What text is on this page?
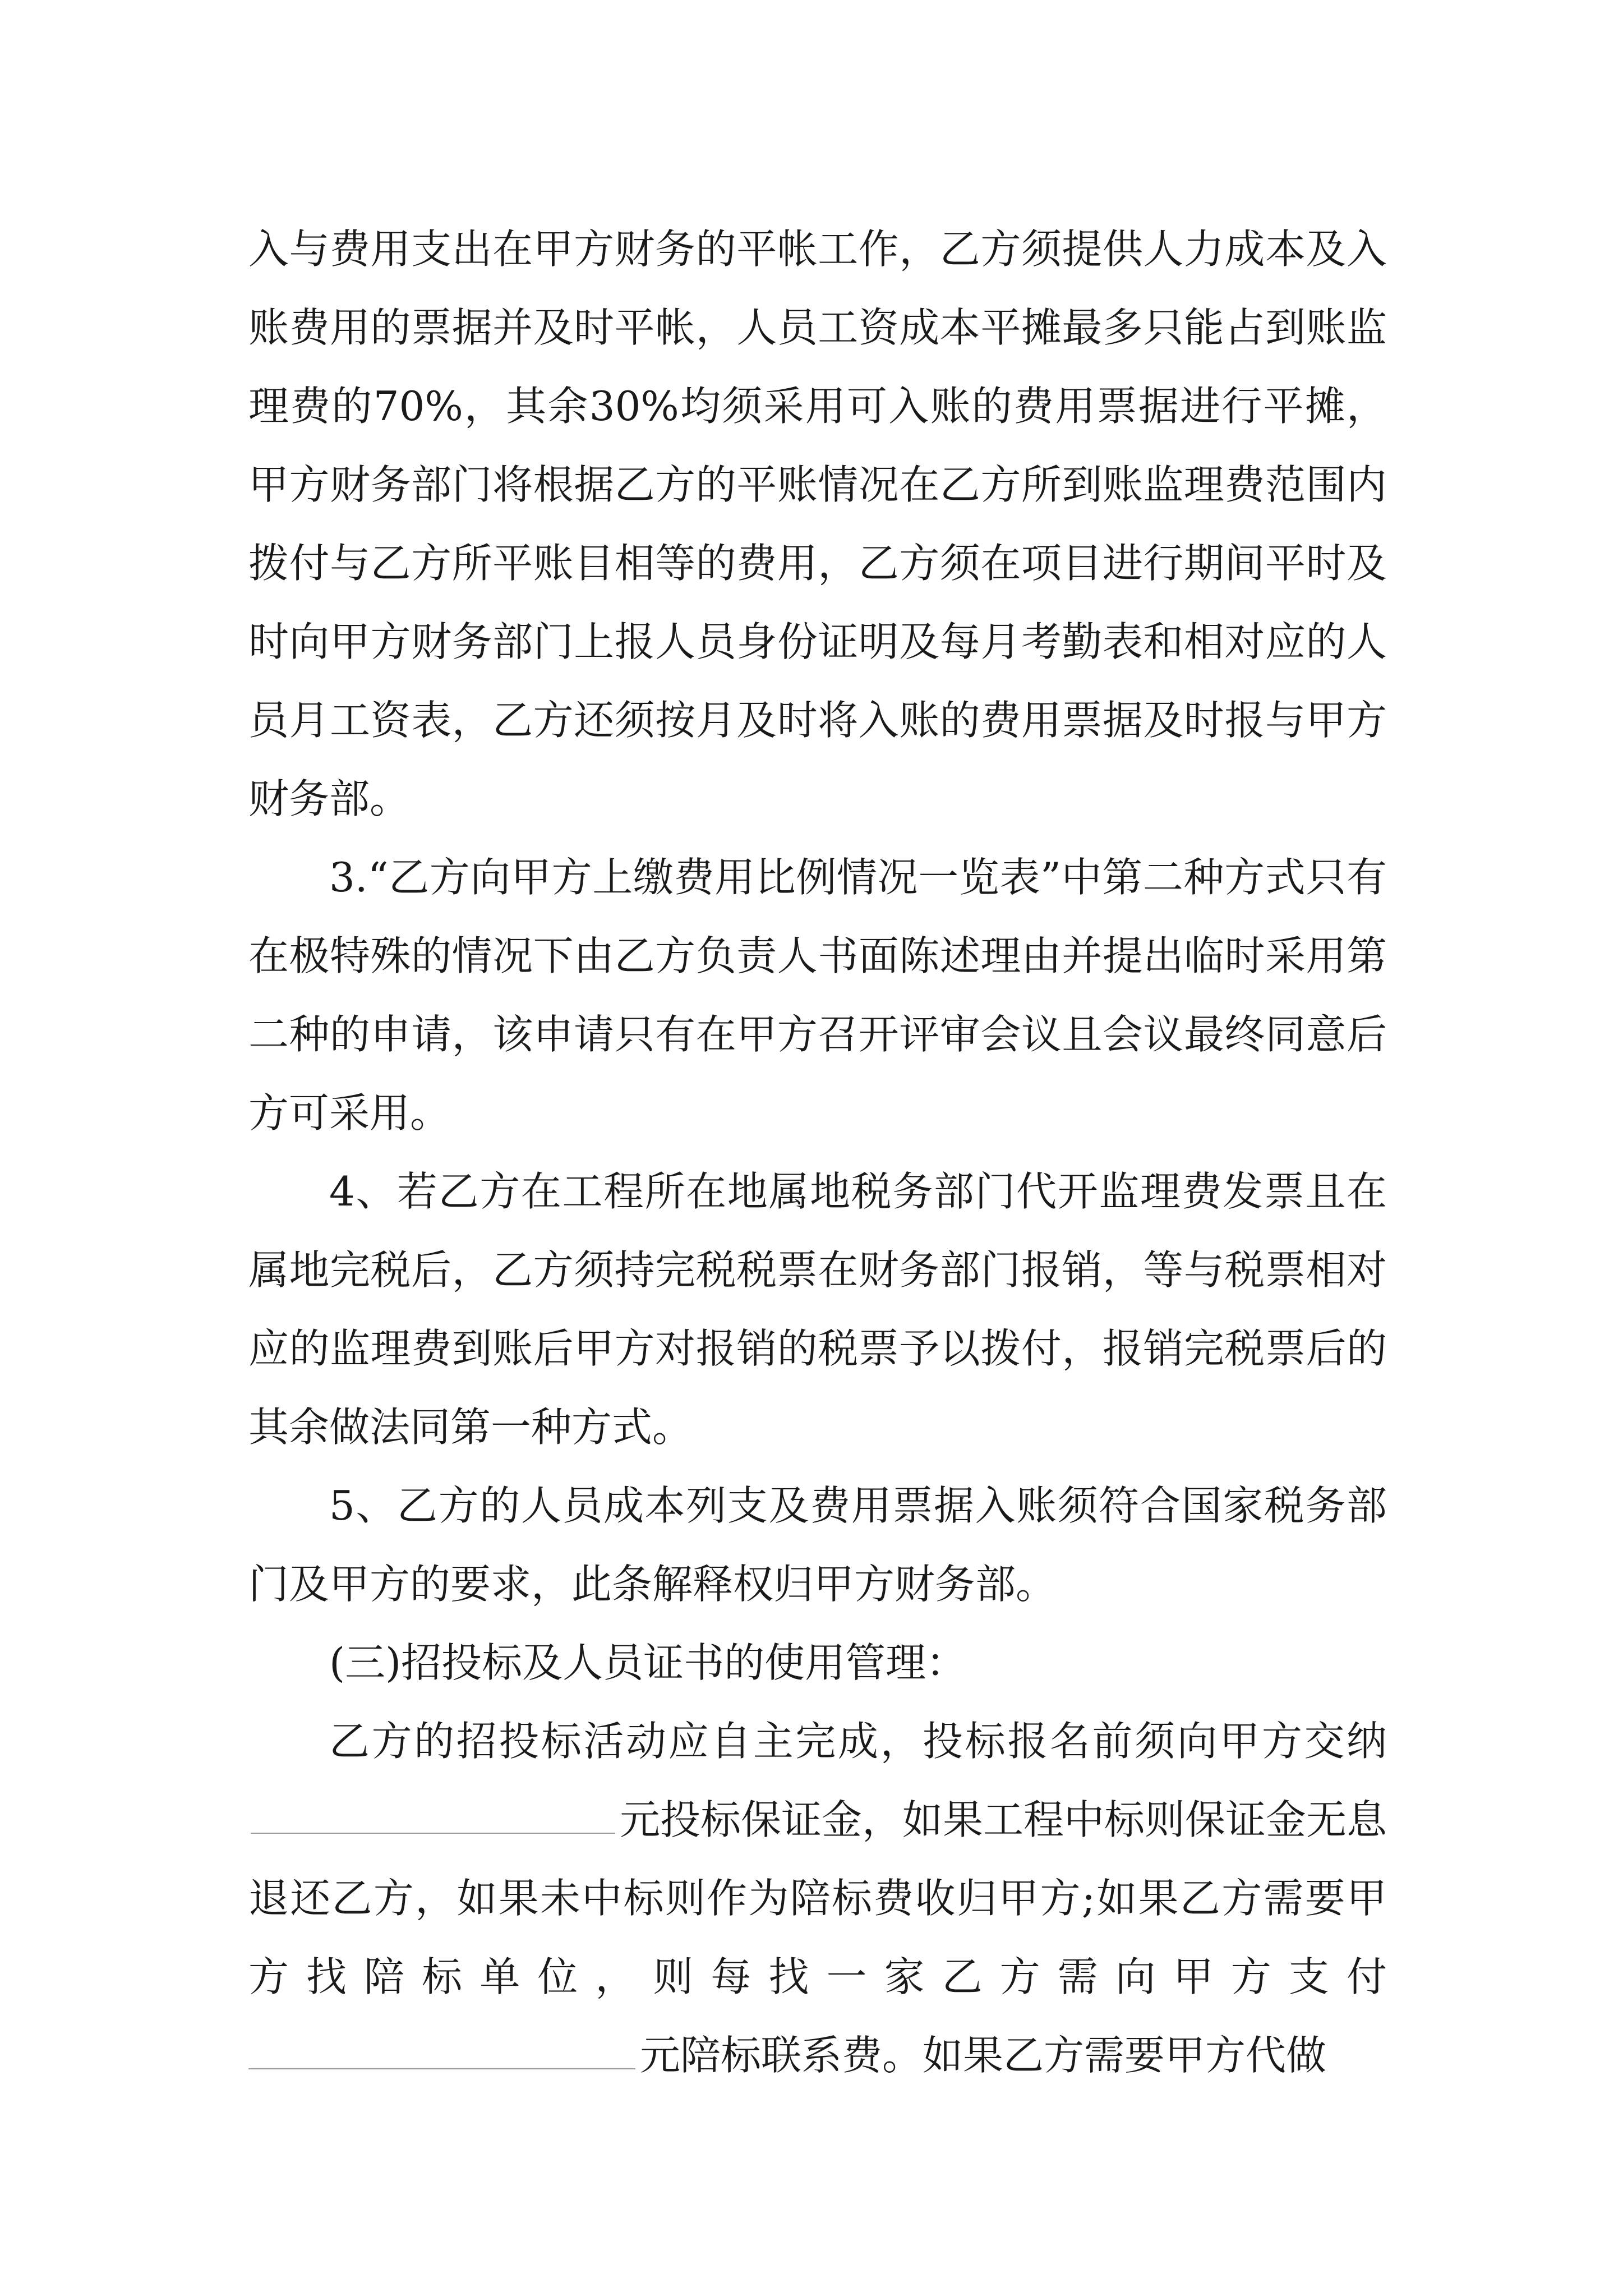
入与费用支出在甲方财务的平帐工作，乙方须提供人力成本及入账费用的票据并及时平帐，人员工资成本平摊最多只能占到账监理费的70%，其余30%均须采用可入账的费用票据进行平摊，甲方财务部门将根据乙方的平账情况在乙方所到账监理费范围内拨付与乙方所平账目相等的费用，乙方须在项目进行期间平时及时向甲方财务部门上报人员身份证明及每月考勤表和相对应的人员月工资表，乙方还须按月及时将入账的费用票据及时报与甲方财务部。

3.“乙方向甲方上缴费用比例情况一览表”中第二种方式只有在极特殊的情况下由乙方负责人书面陈述理由并提出临时采用第二种的申请，该申请只有在甲方召开评审会议且会议最终同意后方可采用。

4、若乙方在工程所在地属地税务部门代开监理费发票且在属地完税后，乙方须持完税税票在财务部门报销，等与税票相对应的监理费到账后甲方对报销的税票予以拨付，报销完税票后的其余做法同第一种方式。

5、乙方的人员成本列支及费用票据入账须符合国家税务部门及甲方的要求，此条解释权归甲方财务部。

(三)招投标及人员证书的使用管理：

乙方的招投标活动应自主完成，投标报名前须向甲方交纳元投标保证金，如果工程中标则保证金无息退还乙方，如果未中标则作为陪标费收归甲方;如果乙方需要甲方找陪标单位，则每找一家乙方需向甲方支付元陪标联系费。如果乙方需要甲方代做
